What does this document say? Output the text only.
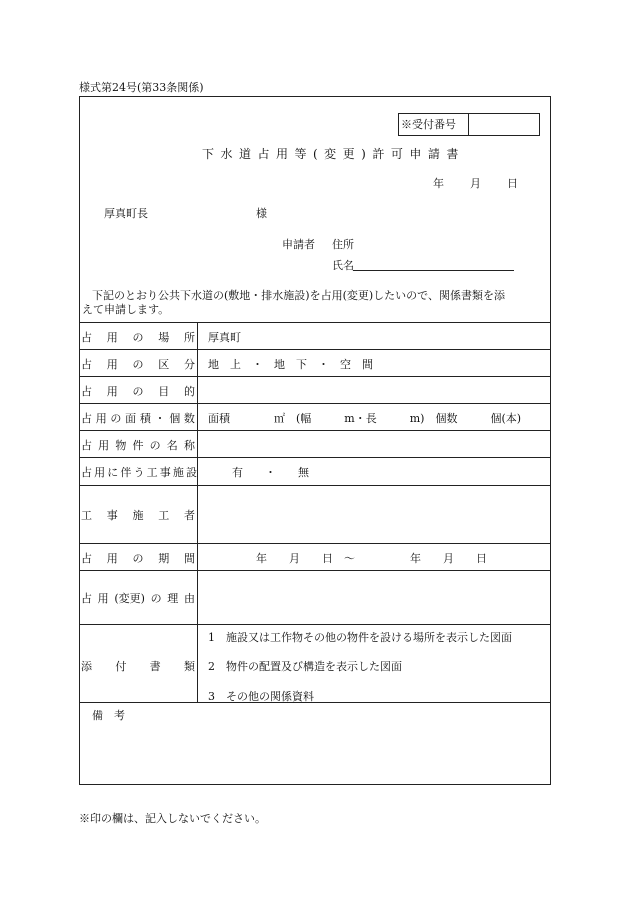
様式第24号(第33条関係)
※受付番号
下水道占用等(変更)許可申請書
年 月 日
厚真町長	様
申請者 住所
氏名
下記のとおり公共下水道の(敷地・排水施設)を占用(変更)したいので、関係書類を添
えて申請します。
占 用 の 場 所 厚真町
占 用 の 区 分 地　上　・　地　下　・　空　間
占 用 の 目 的
占 用 の 面 積 ・ 個 数 面積　　　　㎡　(幅　　　m・長　　　m)　個数　　　個(本)
占 用 物 件 の 名 称
占 用 に 伴 う 工 事 施 設	有　　・　　無
工 事 施 工 者
占 用 の 期 間	年　　月　　日　〜　　　　　年　　月　　日
占 用 (変更) の 理 由
添 付 書 類
1　施設又は工作物その他の物件を設ける場所を表示した図面
2　物件の配置及び構造を表示した図面
3　その他の関係資料
備　考
※印の欄は、記入しないでください。
